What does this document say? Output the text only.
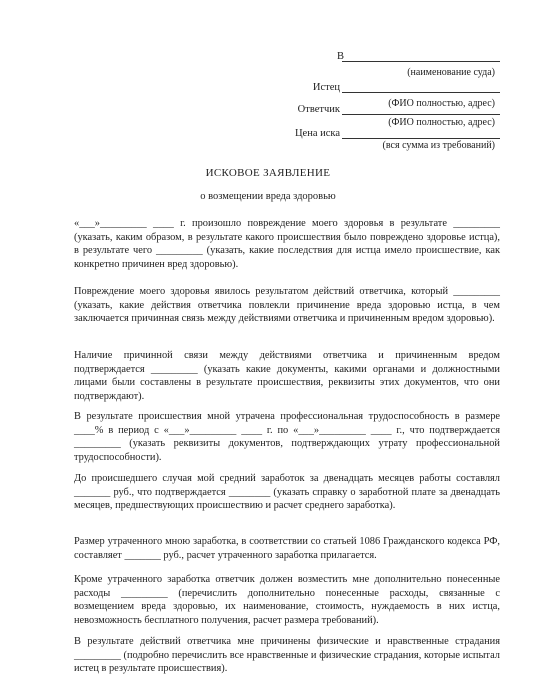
В
(наименование суда)
Истец
(ФИО полностью, адрес)
Ответчик
(ФИО полностью, адрес)
Цена иска
(вся сумма из требований)
ИСКОВОЕ ЗАЯВЛЕНИЕ
о возмещении вреда здоровью

«___»_________ ____ г. произошло повреждение моего здоровья в результате _________ (указать, каким образом, в результате какого происшествия было повреждено здоровье истца), в результате чего _________ (указать, какие последствия для истца имело происшествие, как конкретно причинен вред здоровью).

Повреждение моего здоровья явилось результатом действий ответчика, который _________ (указать, какие действия ответчика повлекли причинение вреда здоровью истца, в чем заключается причинная связь между действиями ответчика и причиненным вредом здоровью).

Наличие причинной связи между действиями ответчика и причиненным вредом подтверждается _________ (указать какие документы, какими органами и должностными лицами были составлены в результате происшествия, реквизиты этих документов, что они подтверждают).

В результате происшествия мной утрачена профессиональная трудоспособность в размере ____% в период с «___»_________ ____ г. по «___»_________ ____ г., что подтверждается _________ (указать реквизиты документов, подтверждающих утрату профессиональной трудоспособности).

До происшедшего случая мой средний заработок за двенадцать месяцев работы составлял _______ руб., что подтверждается ________ (указать справку о заработной плате за двенадцать месяцев, предшествующих происшествию и расчет среднего заработка).

Размер утраченного мною заработка, в соответствии со статьей 1086 Гражданского кодекса РФ, составляет _______ руб., расчет утраченного заработка прилагается.

Кроме утраченного заработка ответчик должен возместить мне дополнительно понесенные расходы _________ (перечислить дополнительно понесенные расходы, связанные с возмещением вреда здоровью, их наименование, стоимость, нуждаемость в них истца, невозможность бесплатного получения, расчет размера требований).

В результате действий ответчика мне причинены физические и нравственные страдания _________ (подробно перечислить все нравственные и физические страдания, которые испытал истец в результате происшествия).
